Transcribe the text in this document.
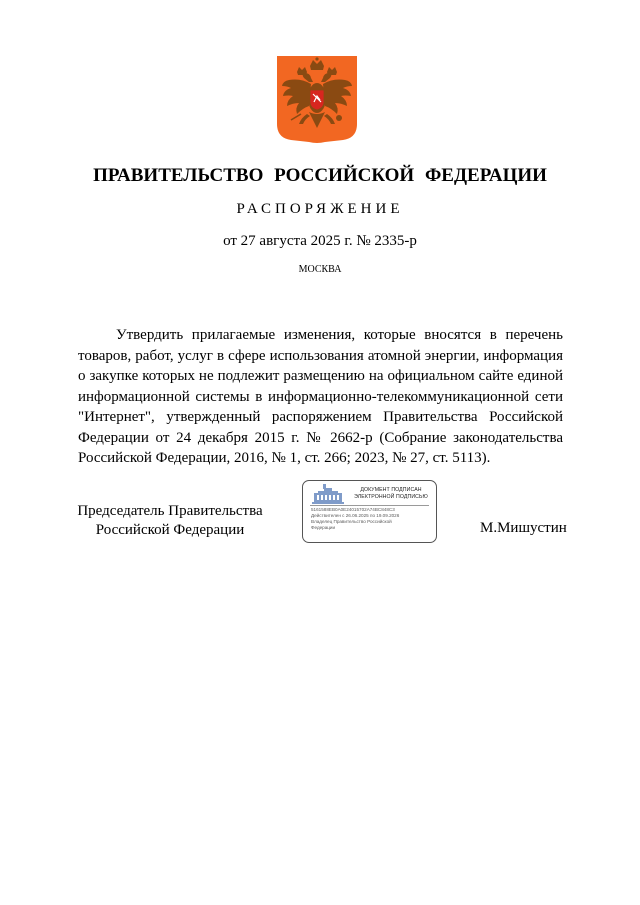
ПРАВИТЕЛЬСТВО РОССИЙСКОЙ ФЕДЕРАЦИИ
РАСПОРЯЖЕНИЕ
от 27 августа 2025 г. № 2335-р
МОСКВА

Утвердить прилагаемые изменения, которые вносятся в перечень товаров, работ, услуг в сфере использования атомной энергии, информация о закупке которых не подлежит размещению на официальном сайте единой информационной системы в информационно-телекоммуникационной сети "Интернет", утвержденный распоряжением Правительства Российской Федерации от 24 декабря 2015 г. № 2662-р (Собрание законодательства Российской Федерации, 2016, № 1, ст. 266; 2023, № 27, ст. 5113).

Председатель Правительства
Российской Федерации
ДОКУМЕНТ ПОДПИСАН
ЭЛЕКТРОННОЙ ПОДПИСЬЮ
5161588EB0A0E24015702A74BC848C3
Действителен с 26.06.2025 по 19.09.2026
Владелец Правительство Российской
Федерации	М.Мишустин
